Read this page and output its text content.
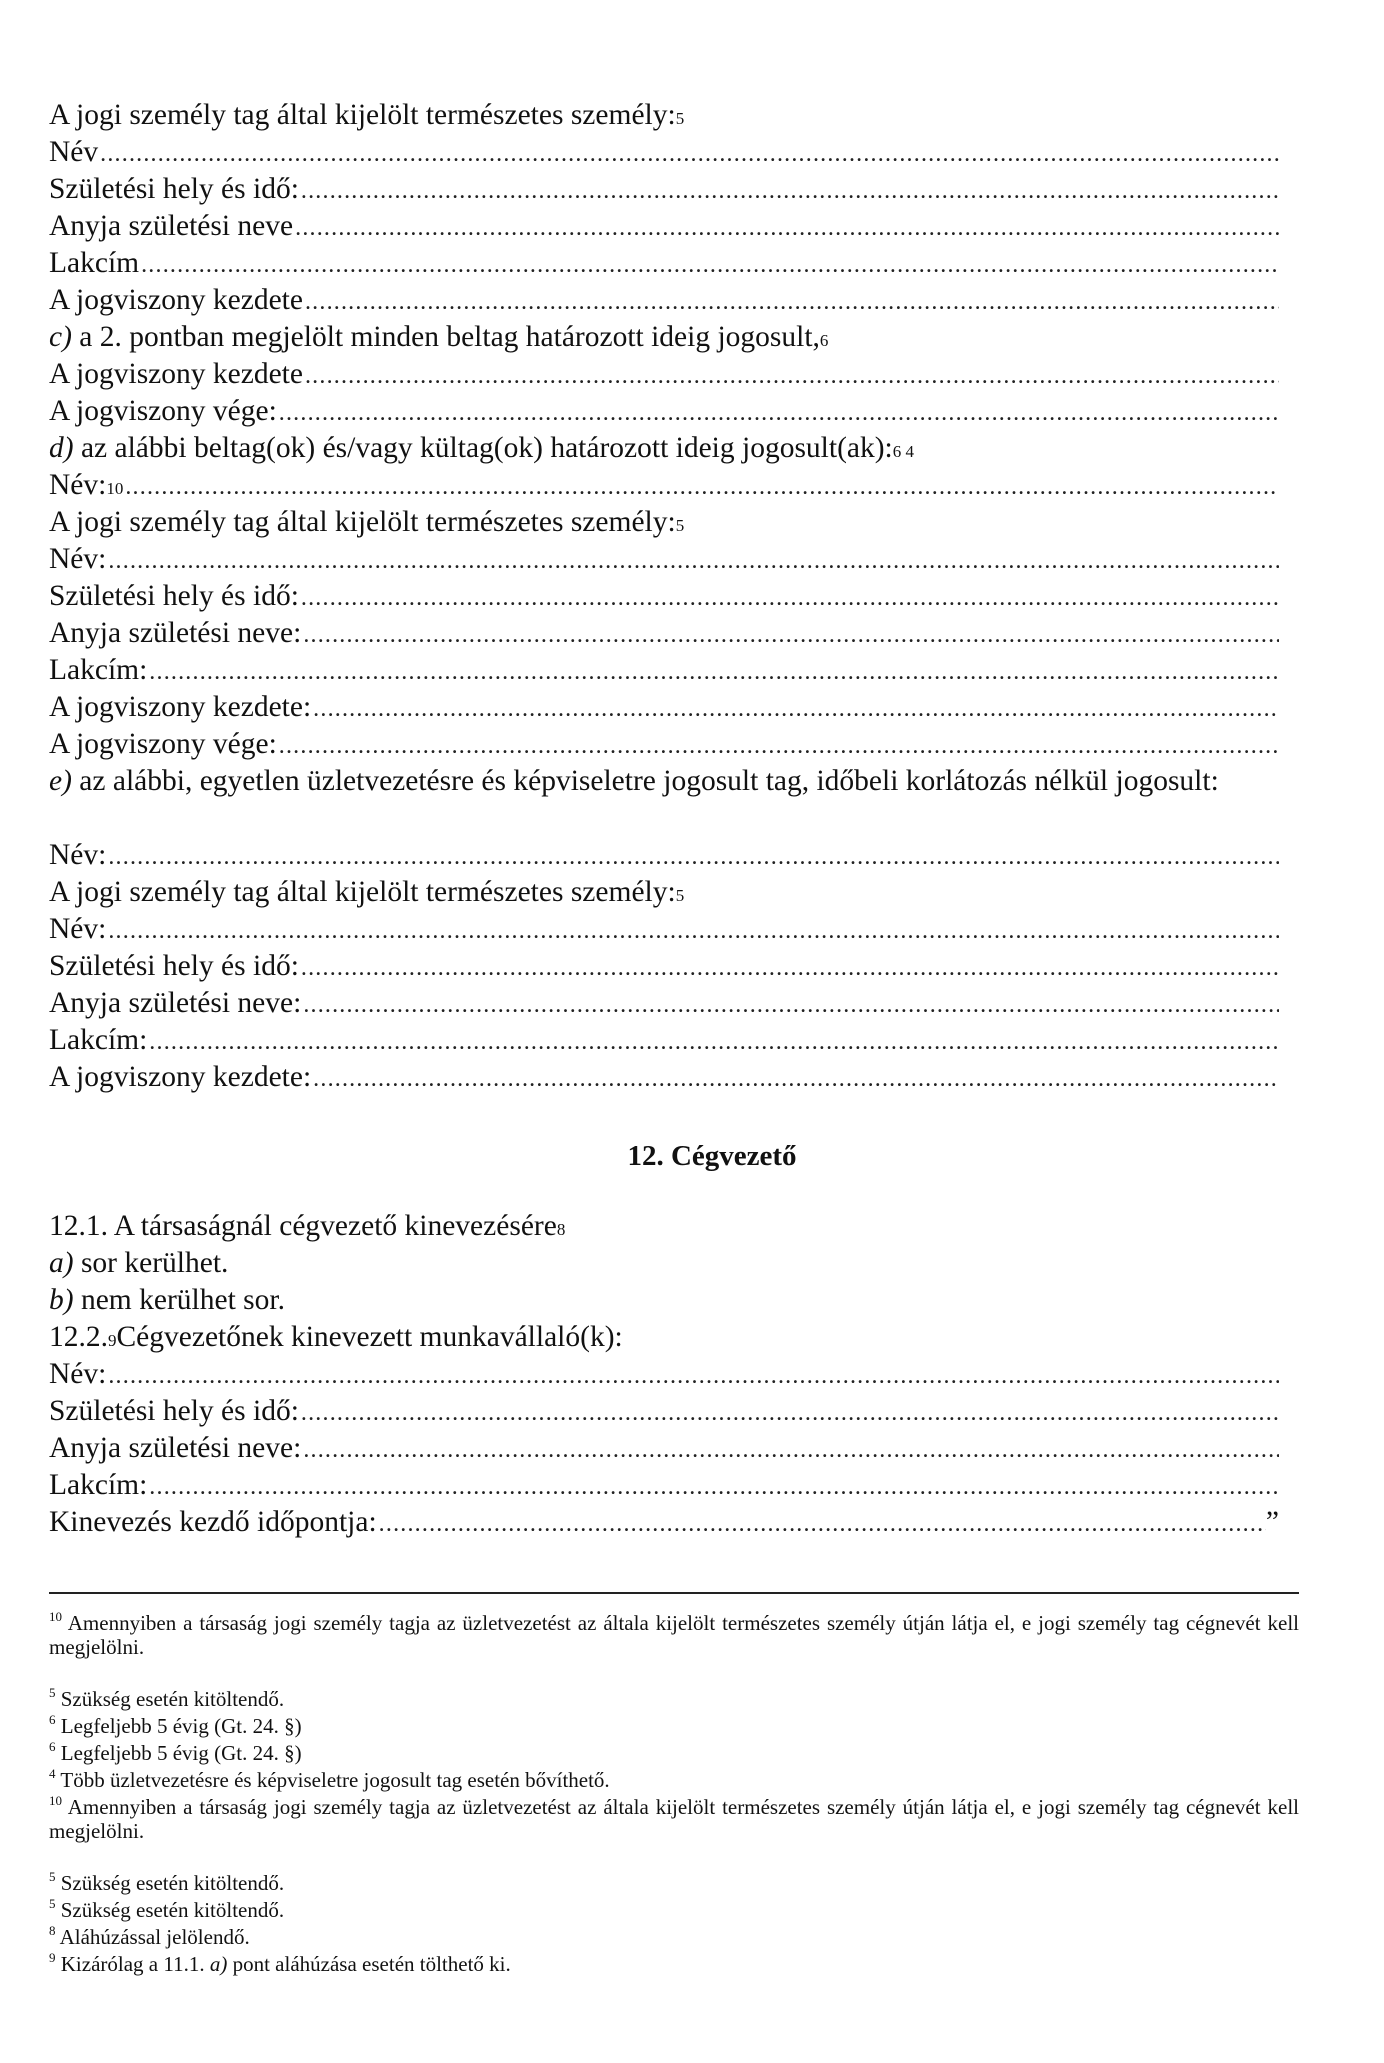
A jogi személy tag által kijelölt természetes személy: 5
Név
.....
Születési hely és idő:
.....
Anyja születési neve
.....
Lakcím
.....
A jogviszony kezdete
.....
c) a 2. pontban megjelölt minden beltag határozott ideig jogosult, 6
A jogviszony kezdete
.....
A jogviszony vége:
.....
d) az alábbi beltag(ok) és/vagy kültag(ok) határozott ideig jogosult(ak): 6 4
Név: 10
.....
A jogi személy tag által kijelölt természetes személy: 5
Név:
.....
Születési hely és idő:
.....
Anyja születési neve:
.....
Lakcím:
.....
A jogviszony kezdete:
.....
A jogviszony vége:
.....
e) az alábbi, egyetlen üzletvezetésre és képviseletre jogosult tag, időbeli korlátozás nélkül jogosult:
Név:
.....
A jogi személy tag által kijelölt természetes személy: 5
Név:
.....
Születési hely és idő:
.....
Anyja születési neve:
.....
Lakcím:
.....
A jogviszony kezdete:
.....
12. Cégvezető
12.1. A társaságnál cégvezető kinevezésére 8
a) sor kerülhet.
b) nem kerülhet sor.
12.2. 9 Cégvezetőnek kinevezett munkavállaló(k):
Név:
.....
Születési hely és idő:
.....
Anyja születési neve:
.....
Lakcím:
.....
Kinevezés kezdő időpontja:
.....	”
$^{10}$ Amennyiben a társaság jogi személy tagja az üzletvezetést az általa kijelölt természetes személy útján látja el, e jogi személy tag cégnevét kell megjelölni.
$^5$ Szükség esetén kitöltendő.
$^6$ Legfeljebb 5 évig (Gt. 24. §)
$^6$ Legfeljebb 5 évig (Gt. 24. §)
$^4$ Több üzletvezetésre és képviseletre jogosult tag esetén bővíthető.
$^{10}$ Amennyiben a társaság jogi személy tagja az üzletvezetést az általa kijelölt természetes személy útján látja el, e jogi személy tag cégnevét kell megjelölni.
$^5$ Szükség esetén kitöltendő.
$^5$ Szükség esetén kitöltendő.
$^8$ Aláhúzással jelölendő.
$^9$ Kizárólag a 11.1. a) pont aláhúzása esetén tölthető ki.
